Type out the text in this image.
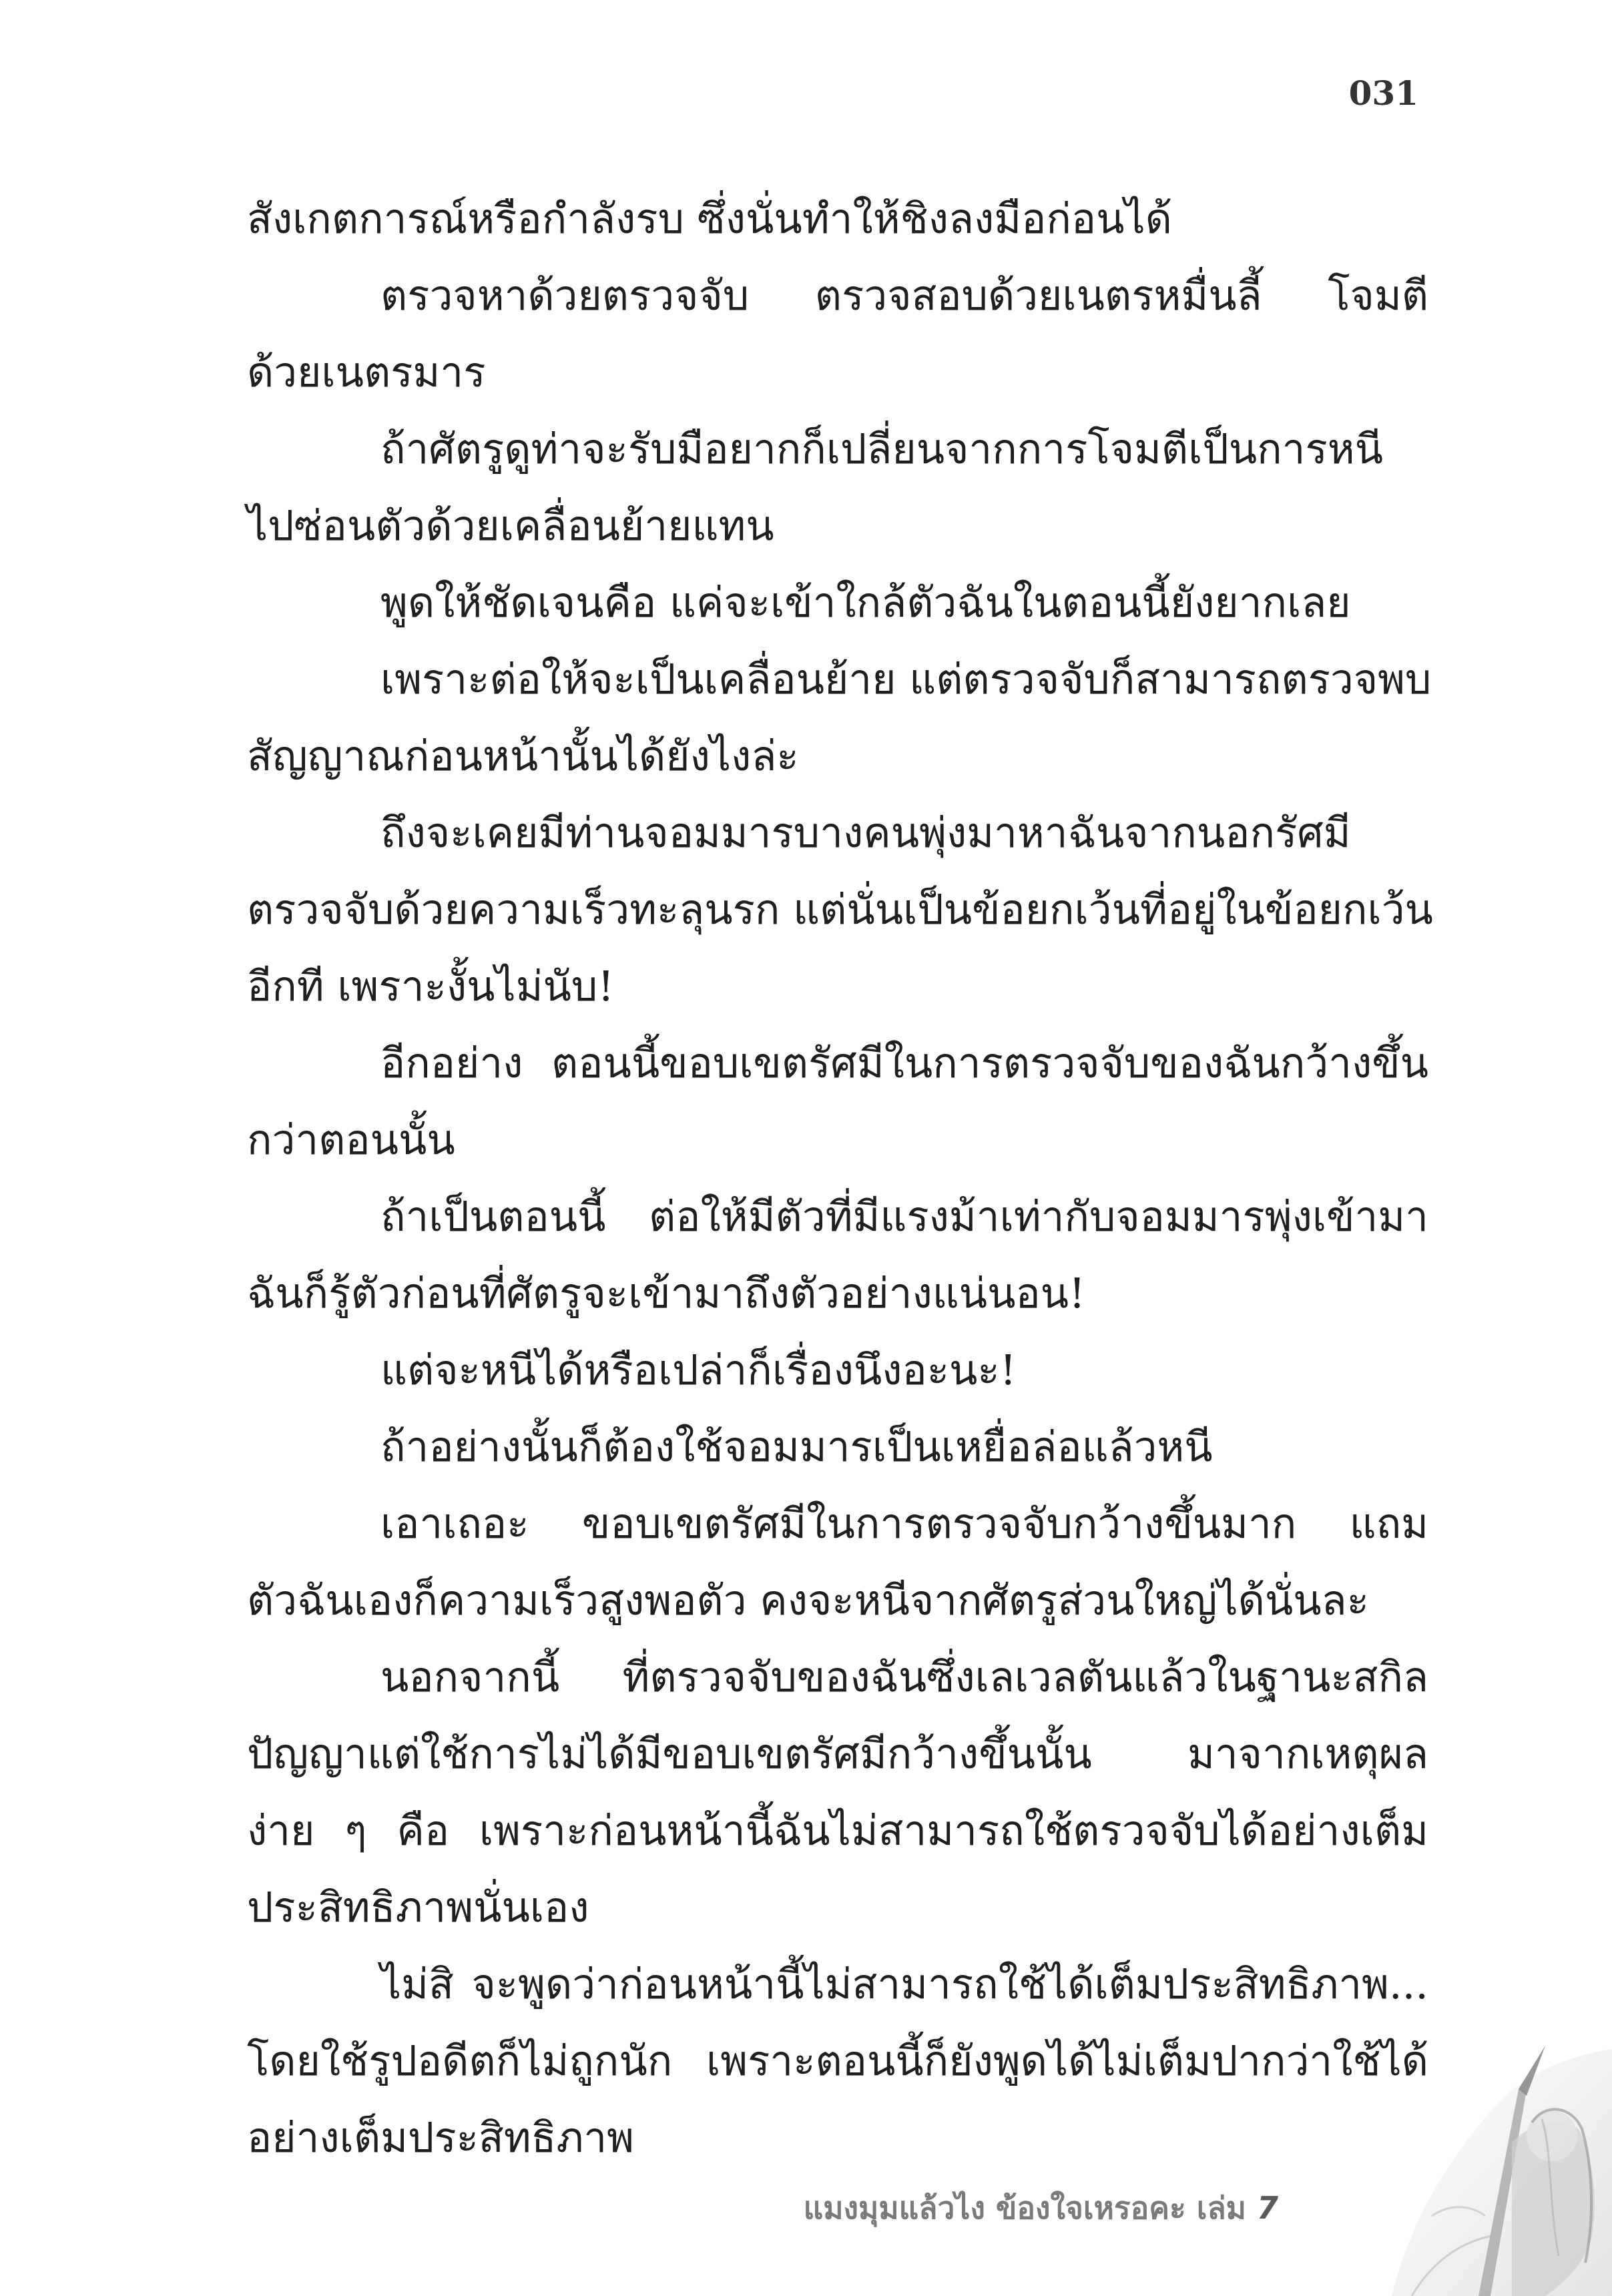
031
สังเกตการณ์หรือกำลังรบ ซึ่งนั่นทำให้ชิงลงมือก่อนได้
ตรวจหาด้วยตรวจจับ ตรวจสอบด้วยเนตรหมื่นลี้ โจมตี
ด้วยเนตรมาร
ถ้าศัตรูดูท่าจะรับมือยากก็เปลี่ยนจากการโจมตีเป็นการหนี
ไปซ่อนตัวด้วยเคลื่อนย้ายแทน
พูดให้ชัดเจนคือ แค่จะเข้าใกล้ตัวฉันในตอนนี้ยังยากเลย
เพราะต่อให้จะเป็นเคลื่อนย้าย แต่ตรวจจับก็สามารถตรวจพบ
สัญญาณก่อนหน้านั้นได้ยังไงล่ะ
ถึงจะเคยมีท่านจอมมารบางคนพุ่งมาหาฉันจากนอกรัศมี
ตรวจจับด้วยความเร็วทะลุนรก แต่นั่นเป็นข้อยกเว้นที่อยู่ในข้อยกเว้น
อีกที เพราะงั้นไม่นับ!
อีกอย่าง ตอนนี้ขอบเขตรัศมีในการตรวจจับของฉันกว้างขึ้น
กว่าตอนนั้น
ถ้าเป็นตอนนี้ ต่อให้มีตัวที่มีแรงม้าเท่ากับจอมมารพุ่งเข้ามา
ฉันก็รู้ตัวก่อนที่ศัตรูจะเข้ามาถึงตัวอย่างแน่นอน!
แต่จะหนีได้หรือเปล่าก็เรื่องนึงอะนะ!
ถ้าอย่างนั้นก็ต้องใช้จอมมารเป็นเหยื่อล่อแล้วหนี
เอาเถอะ ขอบเขตรัศมีในการตรวจจับกว้างขึ้นมาก แถม
ตัวฉันเองก็ความเร็วสูงพอตัว คงจะหนีจากศัตรูส่วนใหญ่ได้นั่นละ
นอกจากนี้ ที่ตรวจจับของฉันซึ่งเลเวลตันแล้วในฐานะสกิล
ปัญญาแต่ใช้การไม่ได้มีขอบเขตรัศมีกว้างขึ้นนั้น มาจากเหตุผล
ง่าย ๆ คือ เพราะก่อนหน้านี้ฉันไม่สามารถใช้ตรวจจับได้อย่างเต็ม
ประสิทธิภาพนั่นเอง
ไม่สิ จะพูดว่าก่อนหน้านี้ไม่สามารถใช้ได้เต็มประสิทธิภาพ...
โดยใช้รูปอดีตก็ไม่ถูกนัก เพราะตอนนี้ก็ยังพูดได้ไม่เต็มปากว่าใช้ได้
อย่างเต็มประสิทธิภาพ
แมงมุมแล้วไง ข้องใจเหรอคะ เล่ม 7
